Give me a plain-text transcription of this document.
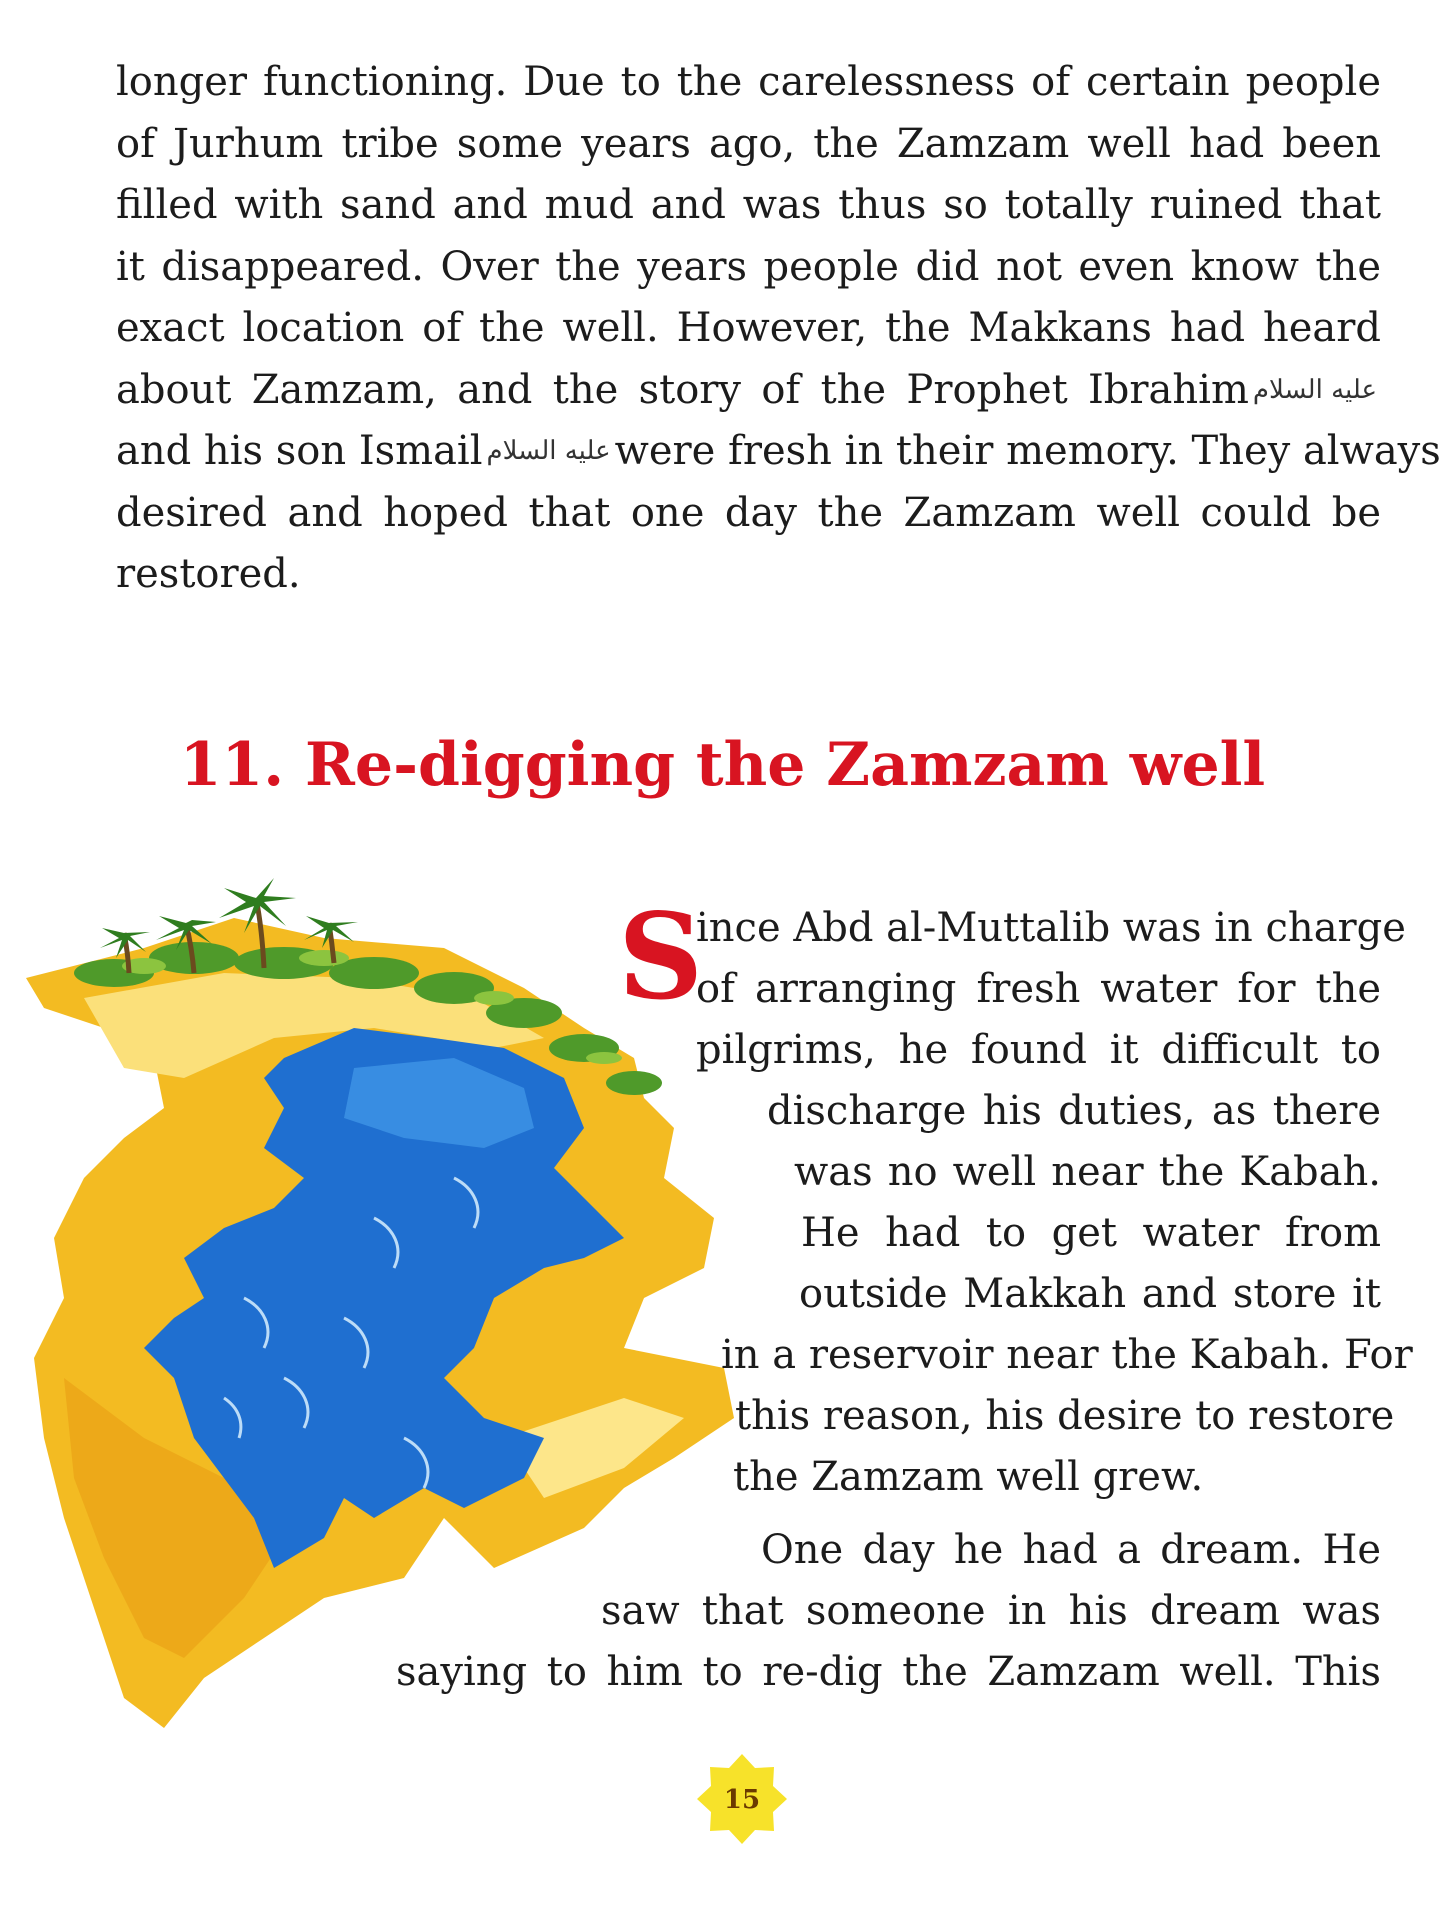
longer functioning. Due to the carelessness of certain people
of Jurhum tribe some years ago, the Zamzam well had been
filled with sand and mud and was thus so totally ruined that
it disappeared. Over the years people did not even know the
exact location of the well. However, the Makkans had heard
about Zamzam, and the story of the Prophet Ibrahim عليه السلام
and his son Ismail عليه السلام were fresh in their memory. They always
desired and hoped that one day the Zamzam well could be
restored.
11. Re-digging the Zamzam well
S
ince Abd al-Muttalib was in charge
of arranging fresh water for the
pilgrims, he found it difficult to
discharge his duties, as there
was no well near the Kabah.
He had to get water from
outside Makkah and store it
in a reservoir near the Kabah. For
this reason, his desire to restore
the Zamzam well grew.
One day he had a dream. He
saw that someone in his dream was
saying to him to re-dig the Zamzam well. This
15
